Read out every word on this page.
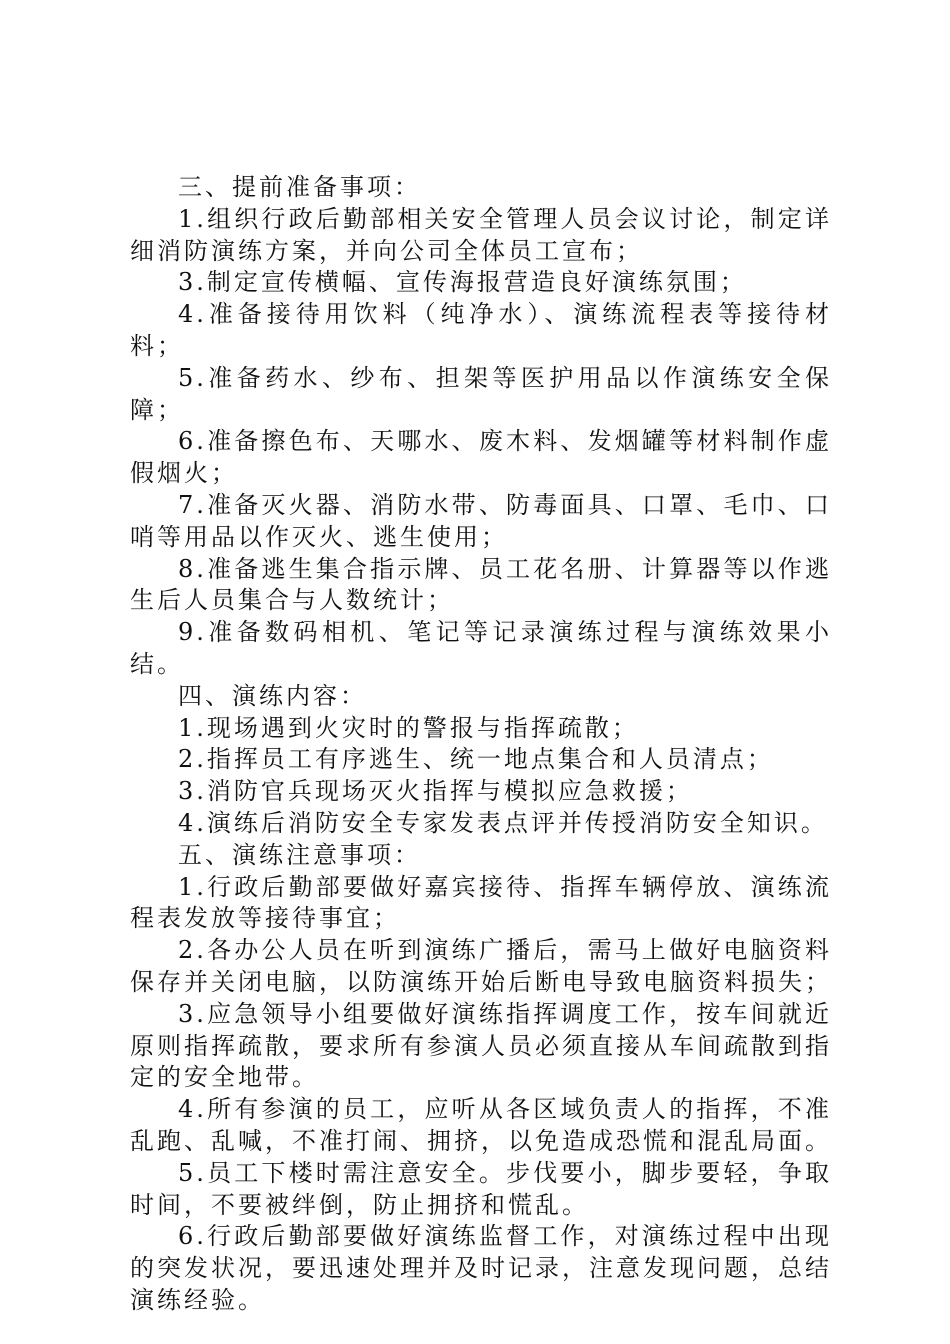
三、提前准备事项：

1.组织行政后勤部相关安全管理人员会议讨论，制定详细消防演练方案，并向公司全体员工宣布；

3.制定宣传横幅、宣传海报营造良好演练氛围；

4.准备接待用饮料（纯净水）、演练流程表等接待材料；

5.准备药水、纱布、担架等医护用品以作演练安全保障；

6.准备擦色布、天哪水、废木料、发烟罐等材料制作虚假烟火；

7.准备灭火器、消防水带、防毒面具、口罩、毛巾、口哨等用品以作灭火、逃生使用；

8.准备逃生集合指示牌、员工花名册、计算器等以作逃生后人员集合与人数统计；

9.准备数码相机、笔记等记录演练过程与演练效果小结。

四、演练内容：

1.现场遇到火灾时的警报与指挥疏散；

2.指挥员工有序逃生、统一地点集合和人员清点；

3.消防官兵现场灭火指挥与模拟应急救援；

4.演练后消防安全专家发表点评并传授消防安全知识。

五、演练注意事项：

1.行政后勤部要做好嘉宾接待、指挥车辆停放、演练流程表发放等接待事宜；

2.各办公人员在听到演练广播后，需马上做好电脑资料保存并关闭电脑，以防演练开始后断电导致电脑资料损失；

3.应急领导小组要做好演练指挥调度工作，按车间就近原则指挥疏散，要求所有参演人员必须直接从车间疏散到指定的安全地带。

4.所有参演的员工，应听从各区域负责人的指挥，不准乱跑、乱喊，不准打闹、拥挤，以免造成恐慌和混乱局面。

5.员工下楼时需注意安全。步伐要小，脚步要轻，争取时间，不要被绊倒，防止拥挤和慌乱。

6.行政后勤部要做好演练监督工作，对演练过程中出现的突发状况，要迅速处理并及时记录，注意发现问题，总结演练经验。
